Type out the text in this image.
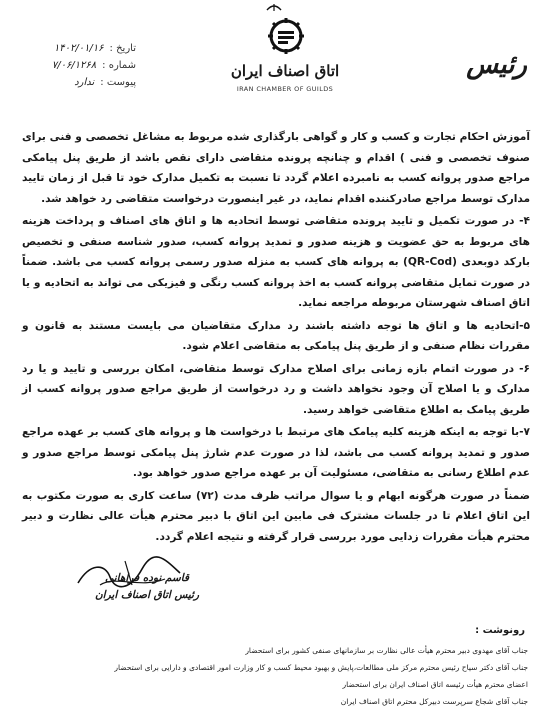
تاریخ :
۱۴۰۲/۰۱/۱۶
شماره :
۷/۰۶/۱۲۶۸
پیوست :
ندارد
اتاق اصناف ایران
IRAN CHAMBER OF GUILDS
رئیس

آموزش احکام تجارت و کسب و کار و گواهی بارگذاری شده مربوط به مشاغل تخصصی و فنی برای صنوف تخصصی و فنی ) اقدام و چنانچه پرونده متقاضی دارای نقص باشد از طریق پنل پیامکی مراجع صدور پروانه کسب به نامبرده اعلام گردد تا نسبت به تکمیل مدارک خود تا قبل از زمان تایید مدارک توسط مراجع صادرکننده اقدام نماید، در غیر اینصورت درخواست متقاضی رد خواهد شد.

۴- در صورت تکمیل و تایید پرونده متقاضی توسط اتحادیه ها و اتاق های اصناف و پرداخت هزینه های مربوط به حق عضویت و هزینه صدور و تمدید پروانه کسب، صدور شناسه صنفی و تخصیص بارکد دوبعدی (QR-Cod) به پروانه های کسب به منزله صدور رسمی پروانه کسب می باشد. ضمناً در صورت تمایل متقاضی پروانه کسب به اخذ پروانه کسب رنگی و فیزیکی می تواند به اتحادیه و یا اتاق اصناف شهرستان مربوطه مراجعه نماید.

۵-اتحادیه ها و اتاق ها توجه داشته باشند رد مدارک متقاضیان می بایست مستند به قانون و مقررات نظام صنفی و از طریق پنل پیامکی به متقاضی اعلام شود.

۶- در صورت اتمام بازه زمانی برای اصلاح مدارک توسط متقاضی، امکان بررسی و تایید و یا رد مدارک و یا اصلاح آن وجود نخواهد داشت و رد درخواست از طریق مراجع صدور پروانه کسب از طریق پیامک به اطلاع متقاضی خواهد رسید.

۷-با توجه به اینکه هزینه کلیه پیامک های مرتبط با درخواست ها و پروانه های کسب بر عهده مراجع صدور و تمدید پروانه کسب می باشد، لذا در صورت عدم شارژ پنل پیامکی توسط مراجع صدور و عدم اطلاع رسانی به متقاضی، مسئولیت آن بر عهده مراجع صدور خواهد بود.

ضمناً در صورت هرگونه ابهام و یا سوال مراتب ظرف مدت (۷۲) ساعت کاری به صورت مکتوب به این اتاق اعلام تا در جلسات مشترک فی مابین این اتاق با دبیر محترم هیأت عالی نظارت و دبیر محترم هیأت مقررات زدایی مورد بررسی قرار گرفته و نتیجه اعلام گردد.

قاسم نوده فراهانی
رئیس اتاق اصناف ایران
رونوشت :
جناب آقای مهدوی دبیر محترم هیأت عالی نظارت بر سازمانهای صنفی کشور برای استحضار
جناب آقای دکتر سیاح رئیس محترم مرکز ملی مطالعات،پایش و بهبود محیط کسب و کار وزارت امور اقتصادی و دارایی برای استحضار
اعضای محترم هیأت رئیسه اتاق اصناف ایران برای استحضار
جناب آقای شجاع سرپرست دبیرکل محترم اتاق اصناف ایران
